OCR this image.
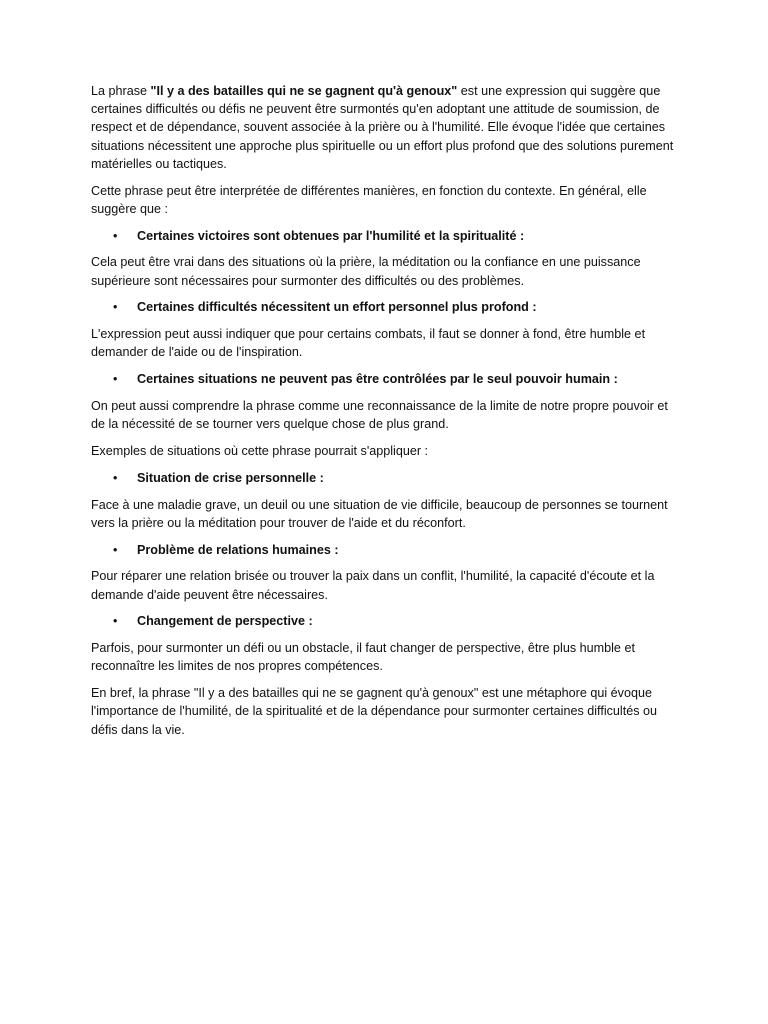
La phrase "Il y a des batailles qui ne se gagnent qu'à genoux" est une expression qui suggère que certaines difficultés ou défis ne peuvent être surmontés qu'en adoptant une attitude de soumission, de respect et de dépendance, souvent associée à la prière ou à l'humilité. Elle évoque l'idée que certaines situations nécessitent une approche plus spirituelle ou un effort plus profond que des solutions purement matérielles ou tactiques.

Cette phrase peut être interprétée de différentes manières, en fonction du contexte. En général, elle suggère que :

• Certaines victoires sont obtenues par l'humilité et la spiritualité :

Cela peut être vrai dans des situations où la prière, la méditation ou la confiance en une puissance supérieure sont nécessaires pour surmonter des difficultés ou des problèmes.

• Certaines difficultés nécessitent un effort personnel plus profond :

L'expression peut aussi indiquer que pour certains combats, il faut se donner à fond, être humble et demander de l'aide ou de l'inspiration.

• Certaines situations ne peuvent pas être contrôlées par le seul pouvoir humain :

On peut aussi comprendre la phrase comme une reconnaissance de la limite de notre propre pouvoir et de la nécessité de se tourner vers quelque chose de plus grand.

Exemples de situations où cette phrase pourrait s'appliquer :

• Situation de crise personnelle :

Face à une maladie grave, un deuil ou une situation de vie difficile, beaucoup de personnes se tournent vers la prière ou la méditation pour trouver de l'aide et du réconfort.

• Problème de relations humaines :

Pour réparer une relation brisée ou trouver la paix dans un conflit, l'humilité, la capacité d'écoute et la demande d'aide peuvent être nécessaires.

• Changement de perspective :

Parfois, pour surmonter un défi ou un obstacle, il faut changer de perspective, être plus humble et reconnaître les limites de nos propres compétences.

En bref, la phrase "Il y a des batailles qui ne se gagnent qu'à genoux" est une métaphore qui évoque l'importance de l'humilité, de la spiritualité et de la dépendance pour surmonter certaines difficultés ou défis dans la vie.
